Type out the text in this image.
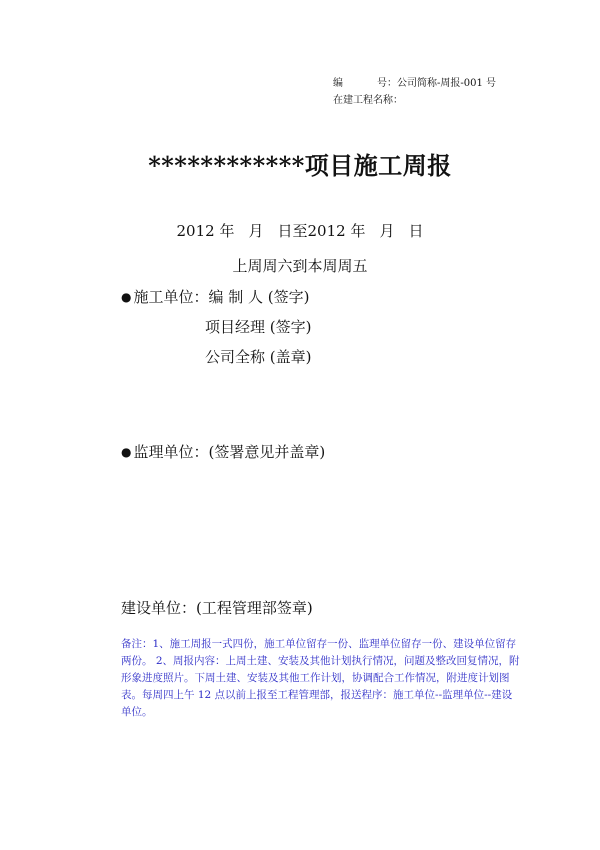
编	号：公司简称-周报-001 号
在建工程名称：
************项目施工周报
2012 年 月 日至2012 年 月 日
上周周六到本周周五
● 施工单位：编 制 人 (签字)
项目经理 (签字)
公司全称 (盖章)
● 监理单位：(签署意见并盖章)
建设单位：(工程管理部签章)
备注：1、施工周报一式四份，施工单位留存一份、监理单位留存一份、建设单位留存两份。 2、周报内容：上周土建、安装及其他计划执行情况，问题及整改回复情况，附形象进度照片。下周土建、安装及其他工作计划，协调配合工作情况，附进度计划图表。每周四上午 12 点以前上报至工程管理部，报送程序：施工单位--监理单位--建设单位。
